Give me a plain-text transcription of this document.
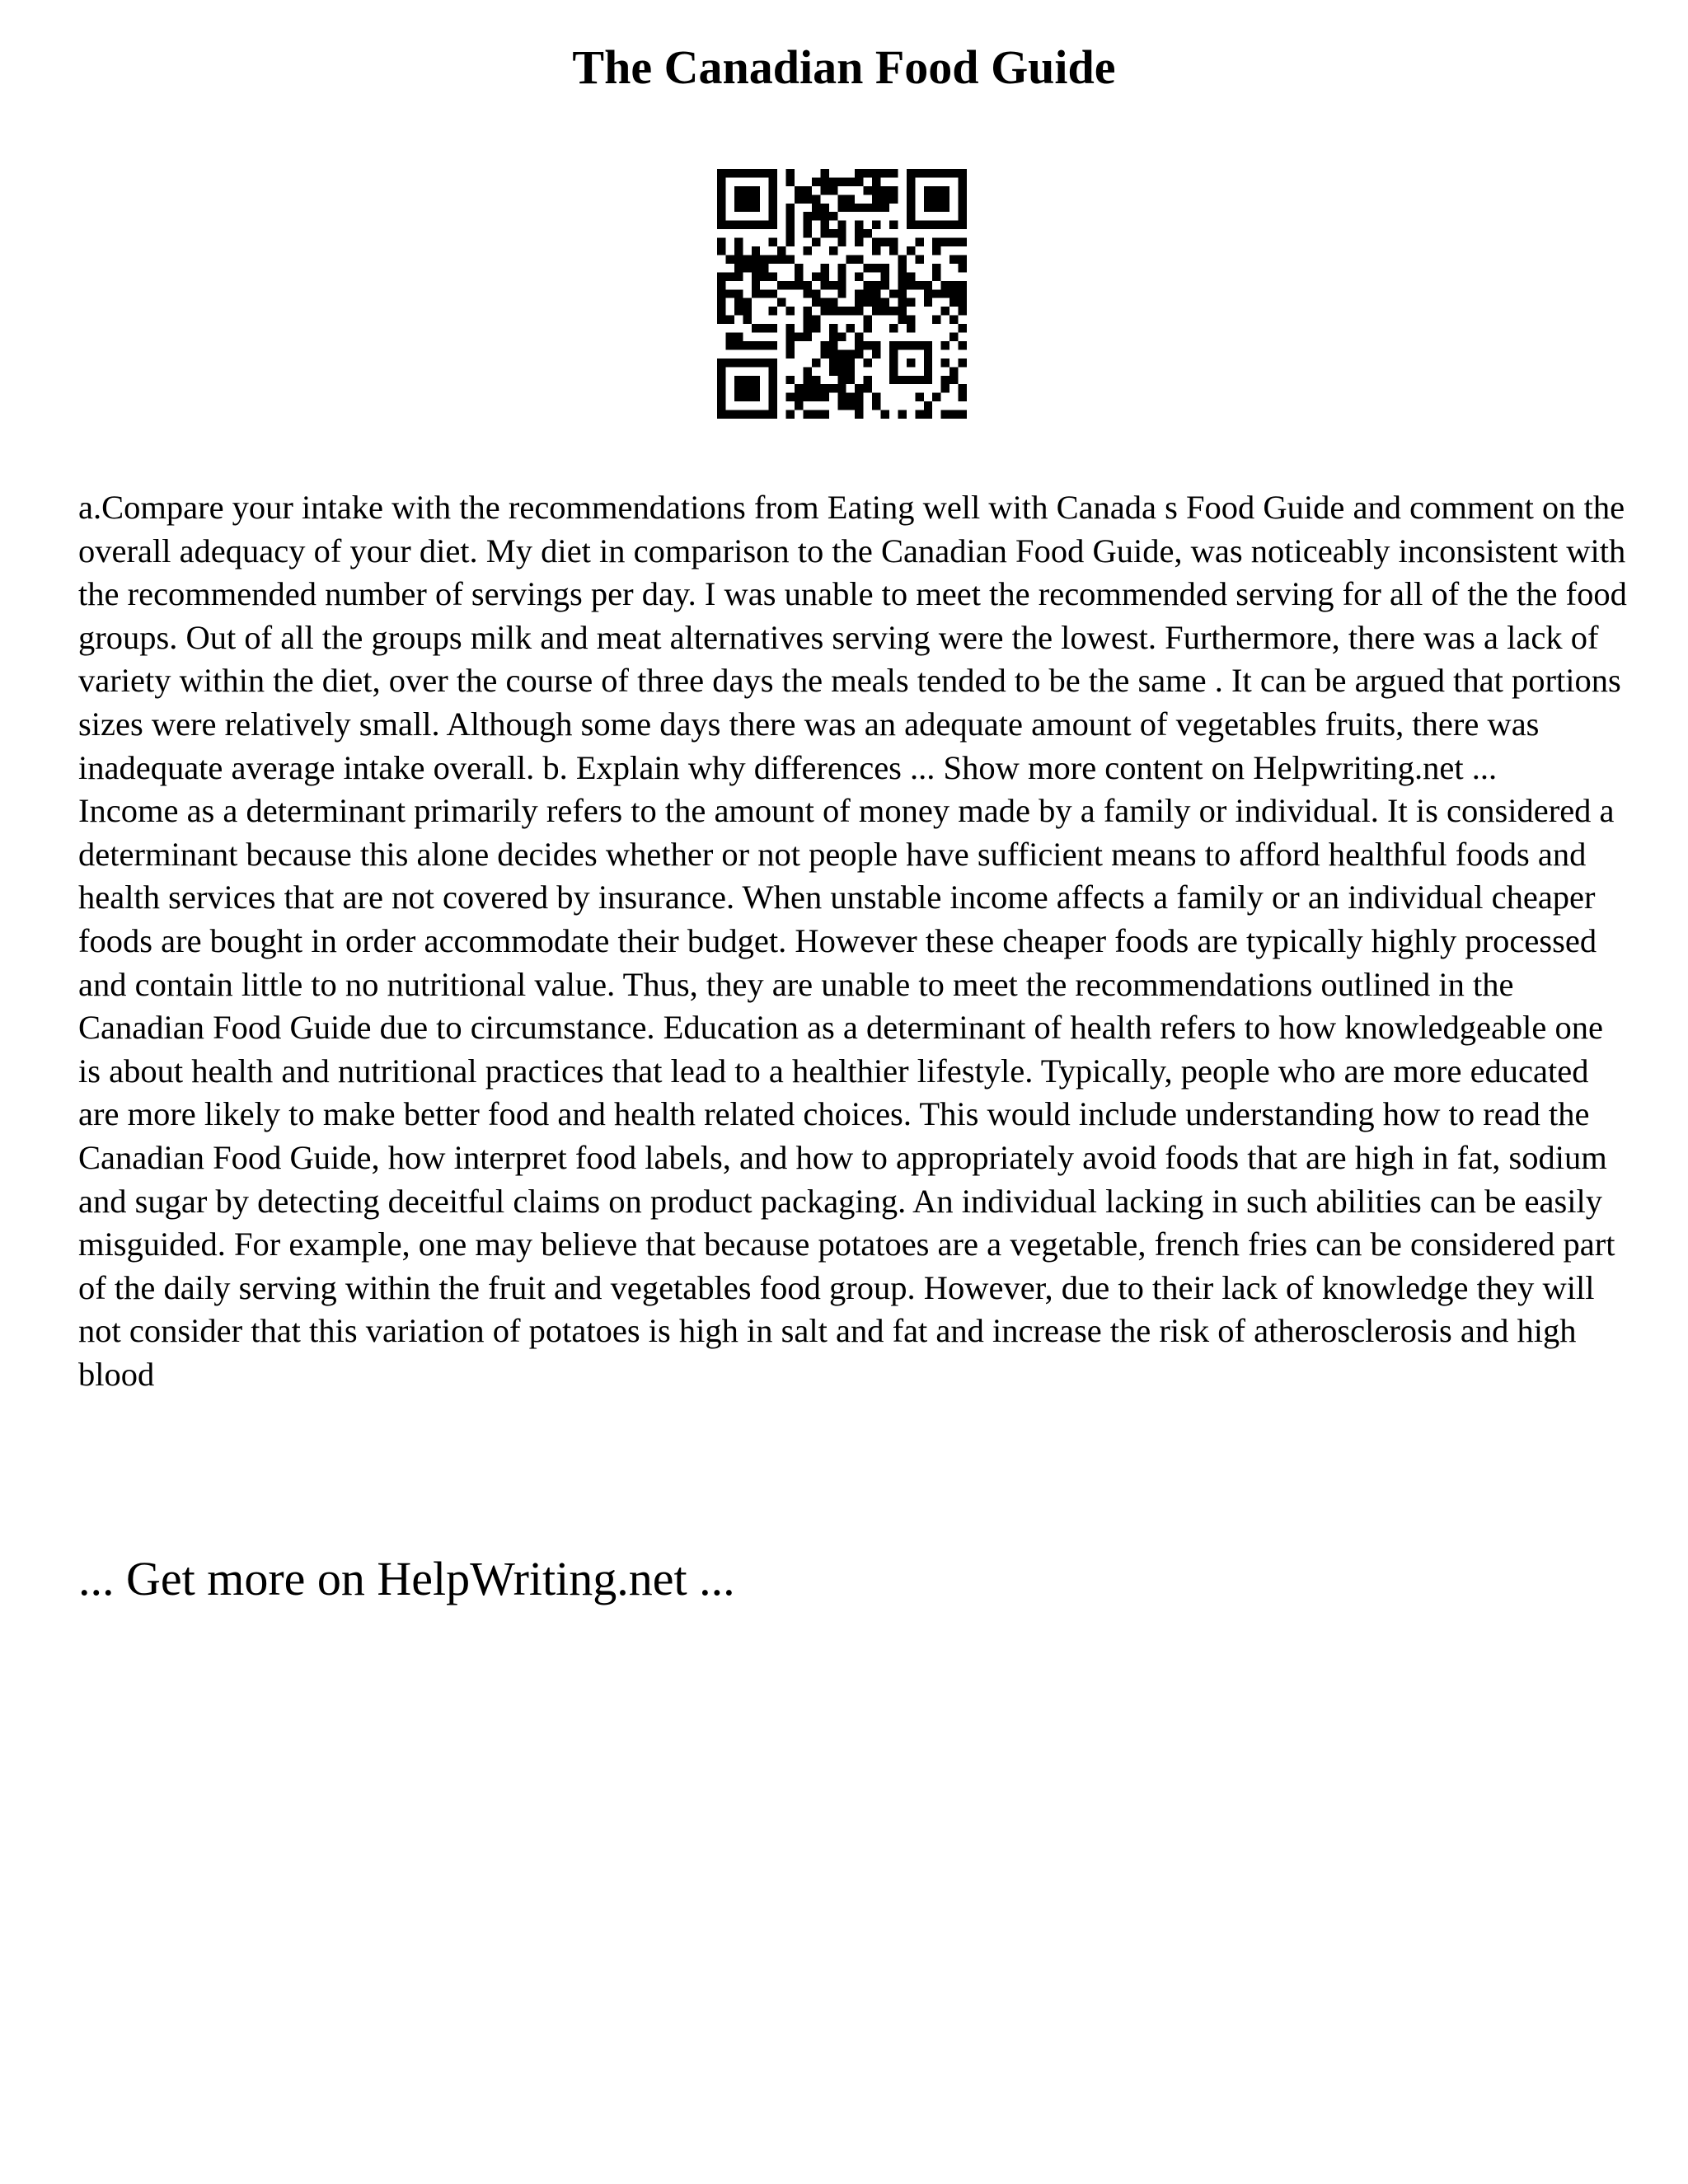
The Canadian Food Guide

a.Compare your intake with the recommendations from Eating well with Canada s Food Guide and comment on the overall adequacy of your diet. My diet in comparison to the Canadian Food Guide, was noticeably inconsistent with the recommended number of servings per day. I was unable to meet the recommended serving for all of the the food groups. Out of all the groups milk and meat alternatives serving were the lowest. Furthermore, there was a lack of variety within the diet, over the course of three days the meals tended to be the same . It can be argued that portions sizes were relatively small. Although some days there was an adequate amount of vegetables fruits, there was inadequate average intake overall. b. Explain why differences ... Show more content on Helpwriting.net ...

Income as a determinant primarily refers to the amount of money made by a family or individual. It is considered a determinant because this alone decides whether or not people have sufficient means to afford healthful foods and health services that are not covered by insurance. When unstable income affects a family or an individual cheaper foods are bought in order accommodate their budget. However these cheaper foods are typically highly processed and contain little to no nutritional value. Thus, they are unable to meet the recommendations outlined in the Canadian Food Guide due to circumstance. Education as a determinant of health refers to how knowledgeable one is about health and nutritional practices that lead to a healthier lifestyle. Typically, people who are more educated are more likely to make better food and health related choices. This would include understanding how to read the Canadian Food Guide, how interpret food labels, and how to appropriately avoid foods that are high in fat, sodium and sugar by detecting deceitful claims on product packaging. An individual lacking in such abilities can be easily misguided. For example, one may believe that because potatoes are a vegetable, french fries can be considered part of the daily serving within the fruit and vegetables food group. However, due to their lack of knowledge they will not consider that this variation of potatoes is high in salt and fat and increase the risk of atherosclerosis and high blood

... Get more on HelpWriting.net ...
